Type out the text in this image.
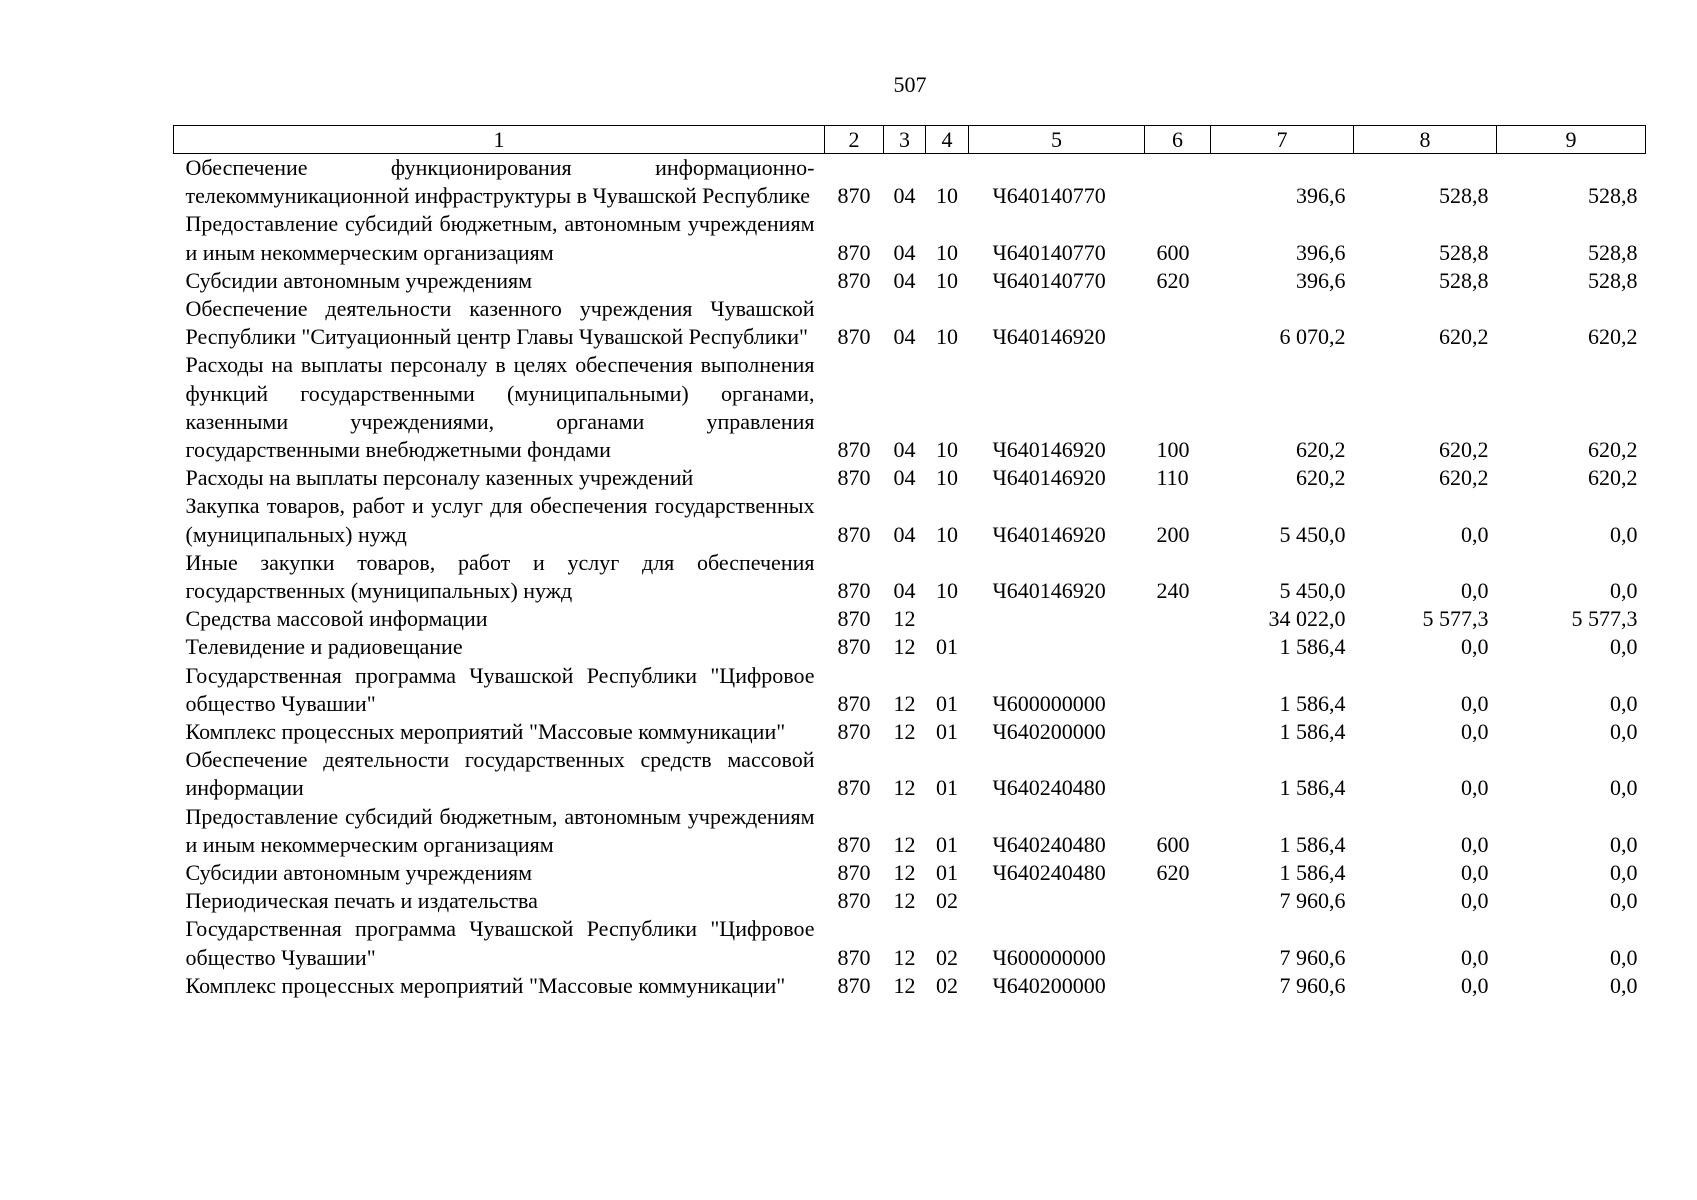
507
1	2	3	4	5	6	7	8	9
Обеспечение функционирования информационно-телекоммуникационной инфраструктуры в Чувашской Республике	870	04	10	Ч640140770		396,6	528,8	528,8
Предоставление субсидий бюджетным, автономным учреждениям и иным некоммерческим организациям	870	04	10	Ч640140770	600	396,6	528,8	528,8
Субсидии автономным учреждениям	870	04	10	Ч640140770	620	396,6	528,8	528,8
Обеспечение деятельности казенного учреждения Чувашской Республики "Ситуационный центр Главы Чувашской Республики"	870	04	10	Ч640146920		6 070,2	620,2	620,2
Расходы на выплаты персоналу в целях обеспечения выполнения функций государственными (муниципальными) органами, казенными учреждениями, органами управления государственными внебюджетными фондами	870	04	10	Ч640146920	100	620,2	620,2	620,2
Расходы на выплаты персоналу казенных учреждений	870	04	10	Ч640146920	110	620,2	620,2	620,2
Закупка товаров, работ и услуг для обеспечения государственных (муниципальных) нужд	870	04	10	Ч640146920	200	5 450,0	0,0	0,0
Иные закупки товаров, работ и услуг для обеспечения государственных (муниципальных) нужд	870	04	10	Ч640146920	240	5 450,0	0,0	0,0
Средства массовой информации	870	12				34 022,0	5 577,3	5 577,3
Телевидение и радиовещание	870	12	01			1 586,4	0,0	0,0
Государственная программа Чувашской Республики "Цифровое общество Чувашии"	870	12	01	Ч600000000		1 586,4	0,0	0,0
Комплекс процессных мероприятий "Массовые коммуникации"	870	12	01	Ч640200000		1 586,4	0,0	0,0
Обеспечение деятельности государственных средств массовой информации	870	12	01	Ч640240480		1 586,4	0,0	0,0
Предоставление субсидий бюджетным, автономным учреждениям и иным некоммерческим организациям	870	12	01	Ч640240480	600	1 586,4	0,0	0,0
Субсидии автономным учреждениям	870	12	01	Ч640240480	620	1 586,4	0,0	0,0
Периодическая печать и издательства	870	12	02			7 960,6	0,0	0,0
Государственная программа Чувашской Республики "Цифровое общество Чувашии"	870	12	02	Ч600000000		7 960,6	0,0	0,0
Комплекс процессных мероприятий "Массовые коммуникации"	870	12	02	Ч640200000		7 960,6	0,0	0,0
